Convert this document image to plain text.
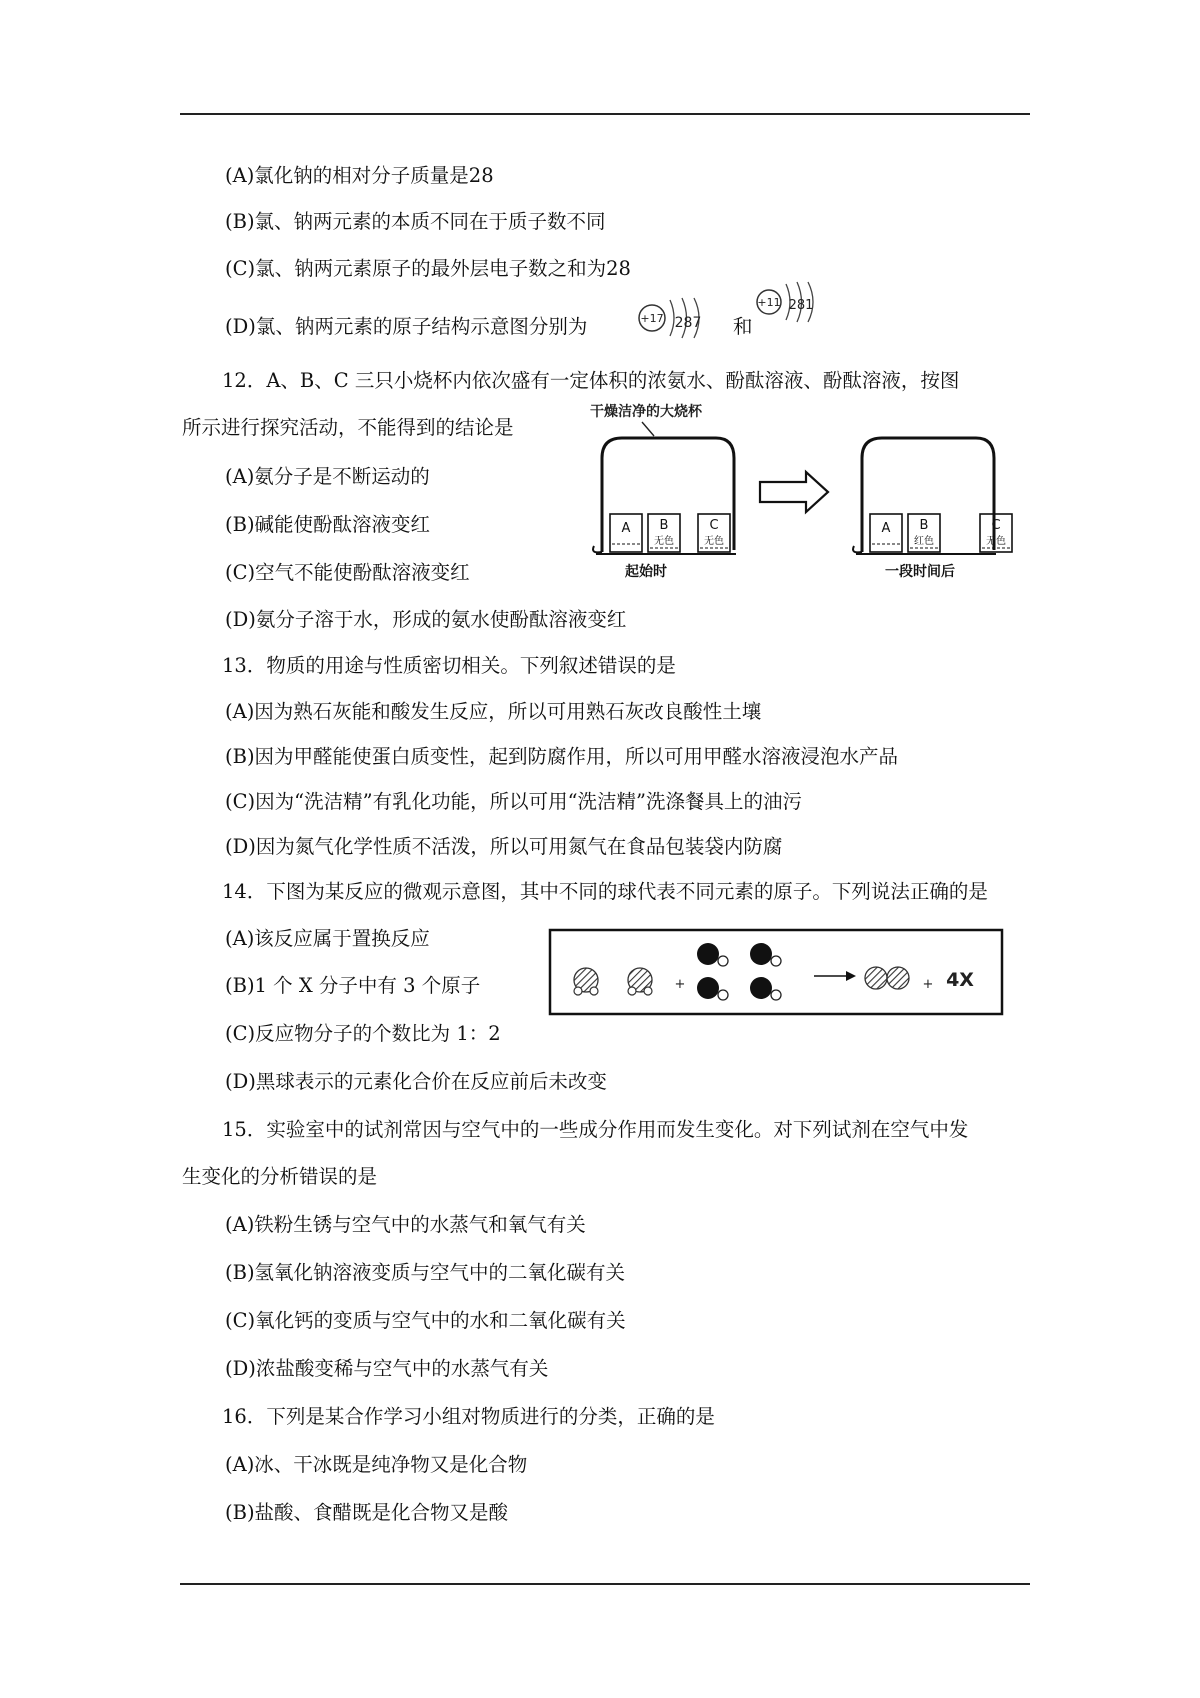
(A)氯化钠的相对分子质量是28
(B)氯、钠两元素的本质不同在于质子数不同
(C)氯、钠两元素原子的最外层电子数之和为28
(D)氯、钠两元素的原子结构示意图分别为	+17 287 和
+11 281
12．A、B、C 三只小烧杯内依次盛有一定体积的浓氨水、酚酞溶液、酚酞溶液，按图
所示进行探究活动，不能得到的结论是
(A)氨分子是不断运动的
(B)碱能使酚酞溶液变红
(C)空气不能使酚酞溶液变红
(D)氨分子溶于水，形成的氨水使酚酞溶液变红
干燥洁净的大烧杯
A B
无色
C
无色
起始时
A B
红色
C
无色
一段时间后
13．物质的用途与性质密切相关。下列叙述错误的是
(A)因为熟石灰能和酸发生反应，所以可用熟石灰改良酸性土壤
(B)因为甲醛能使蛋白质变性，起到防腐作用，所以可用甲醛水溶液浸泡水产品
(C)因为“洗洁精”有乳化功能，所以可用“洗洁精”洗涤餐具上的油污
(D)因为氮气化学性质不活泼，所以可用氮气在食品包装袋内防腐
14．下图为某反应的微观示意图，其中不同的球代表不同元素的原子。下列说法正确的是
(A)该反应属于置换反应
(B)1 个 X 分子中有 3 个原子
(C)反应物分子的个数比为 1：2
(D)黑球表示的元素化合价在反应前后未改变
+	+ 4X
15．实验室中的试剂常因与空气中的一些成分作用而发生变化。对下列试剂在空气中发
生变化的分析错误的是
(A)铁粉生锈与空气中的水蒸气和氧气有关
(B)氢氧化钠溶液变质与空气中的二氧化碳有关
(C)氧化钙的变质与空气中的水和二氧化碳有关
(D)浓盐酸变稀与空气中的水蒸气有关
16．下列是某合作学习小组对物质进行的分类，正确的是
(A)冰、干冰既是纯净物又是化合物
(B)盐酸、食醋既是化合物又是酸
